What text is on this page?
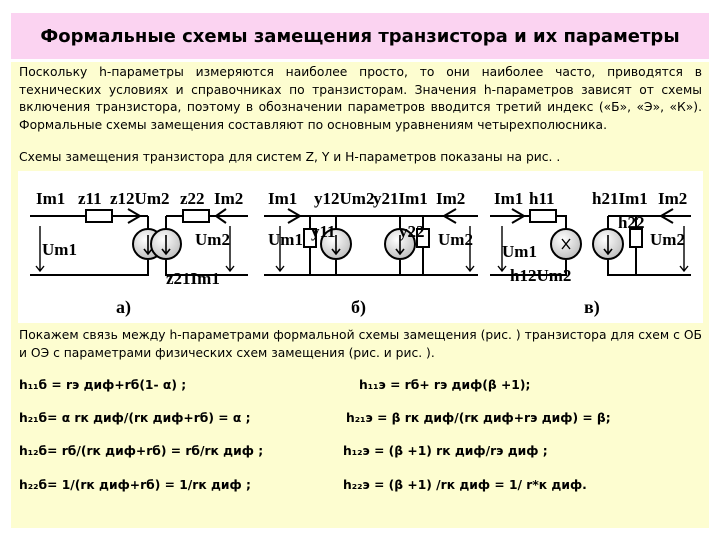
Формальные схемы замещения транзистора и их параметры

Поскольку h-параметры измеряются наиболее просто, то они наиболее часто, приводятся в технических условиях и справочниках по транзисторам. Значения h-параметров зависят от схемы включения транзистора, поэтому в обозначении параметров вводится третий индекс («Б», «Э», «К»). Формальные схемы замещения составляют по основным уравнениям четырехполюсника.

Схемы замещения транзистора для систем Z, Y и H-параметров показаны на рис. .

Im1 z11 z12Um2 z22 Im2
Um1
Um2
z21Im1
а)
Im1 y12Um2
y21Im1 Im2
Um1 y11	y22 Um2
б)
Im1 h11 h21Im1 Im2
h22
Um1
Um2
h12Um2
в)

Покажем связь между h-параметрами формальной схемы замещения (рис. ) транзистора для схем с ОБ и ОЭ с параметрами физических схем замещения (рис. и рис. ).

h₁₁б = rэ диф+rб(1- α) ;	h₁₁э = rб+ rэ диф(β +1);
h₂₁б= α rк диф/(rк диф+rб) = α ;	h₂₁э = β rк диф/(rк диф+rэ диф) = β;
h₁₂б= rб/(rк диф+rб) = rб/rк диф ;	h₁₂э = (β +1) rк диф/rэ диф ;
h₂₂б= 1/(rк диф+rб) = 1/rк диф ;	h₂₂э = (β +1) /rк диф = 1/ r*к диф.
